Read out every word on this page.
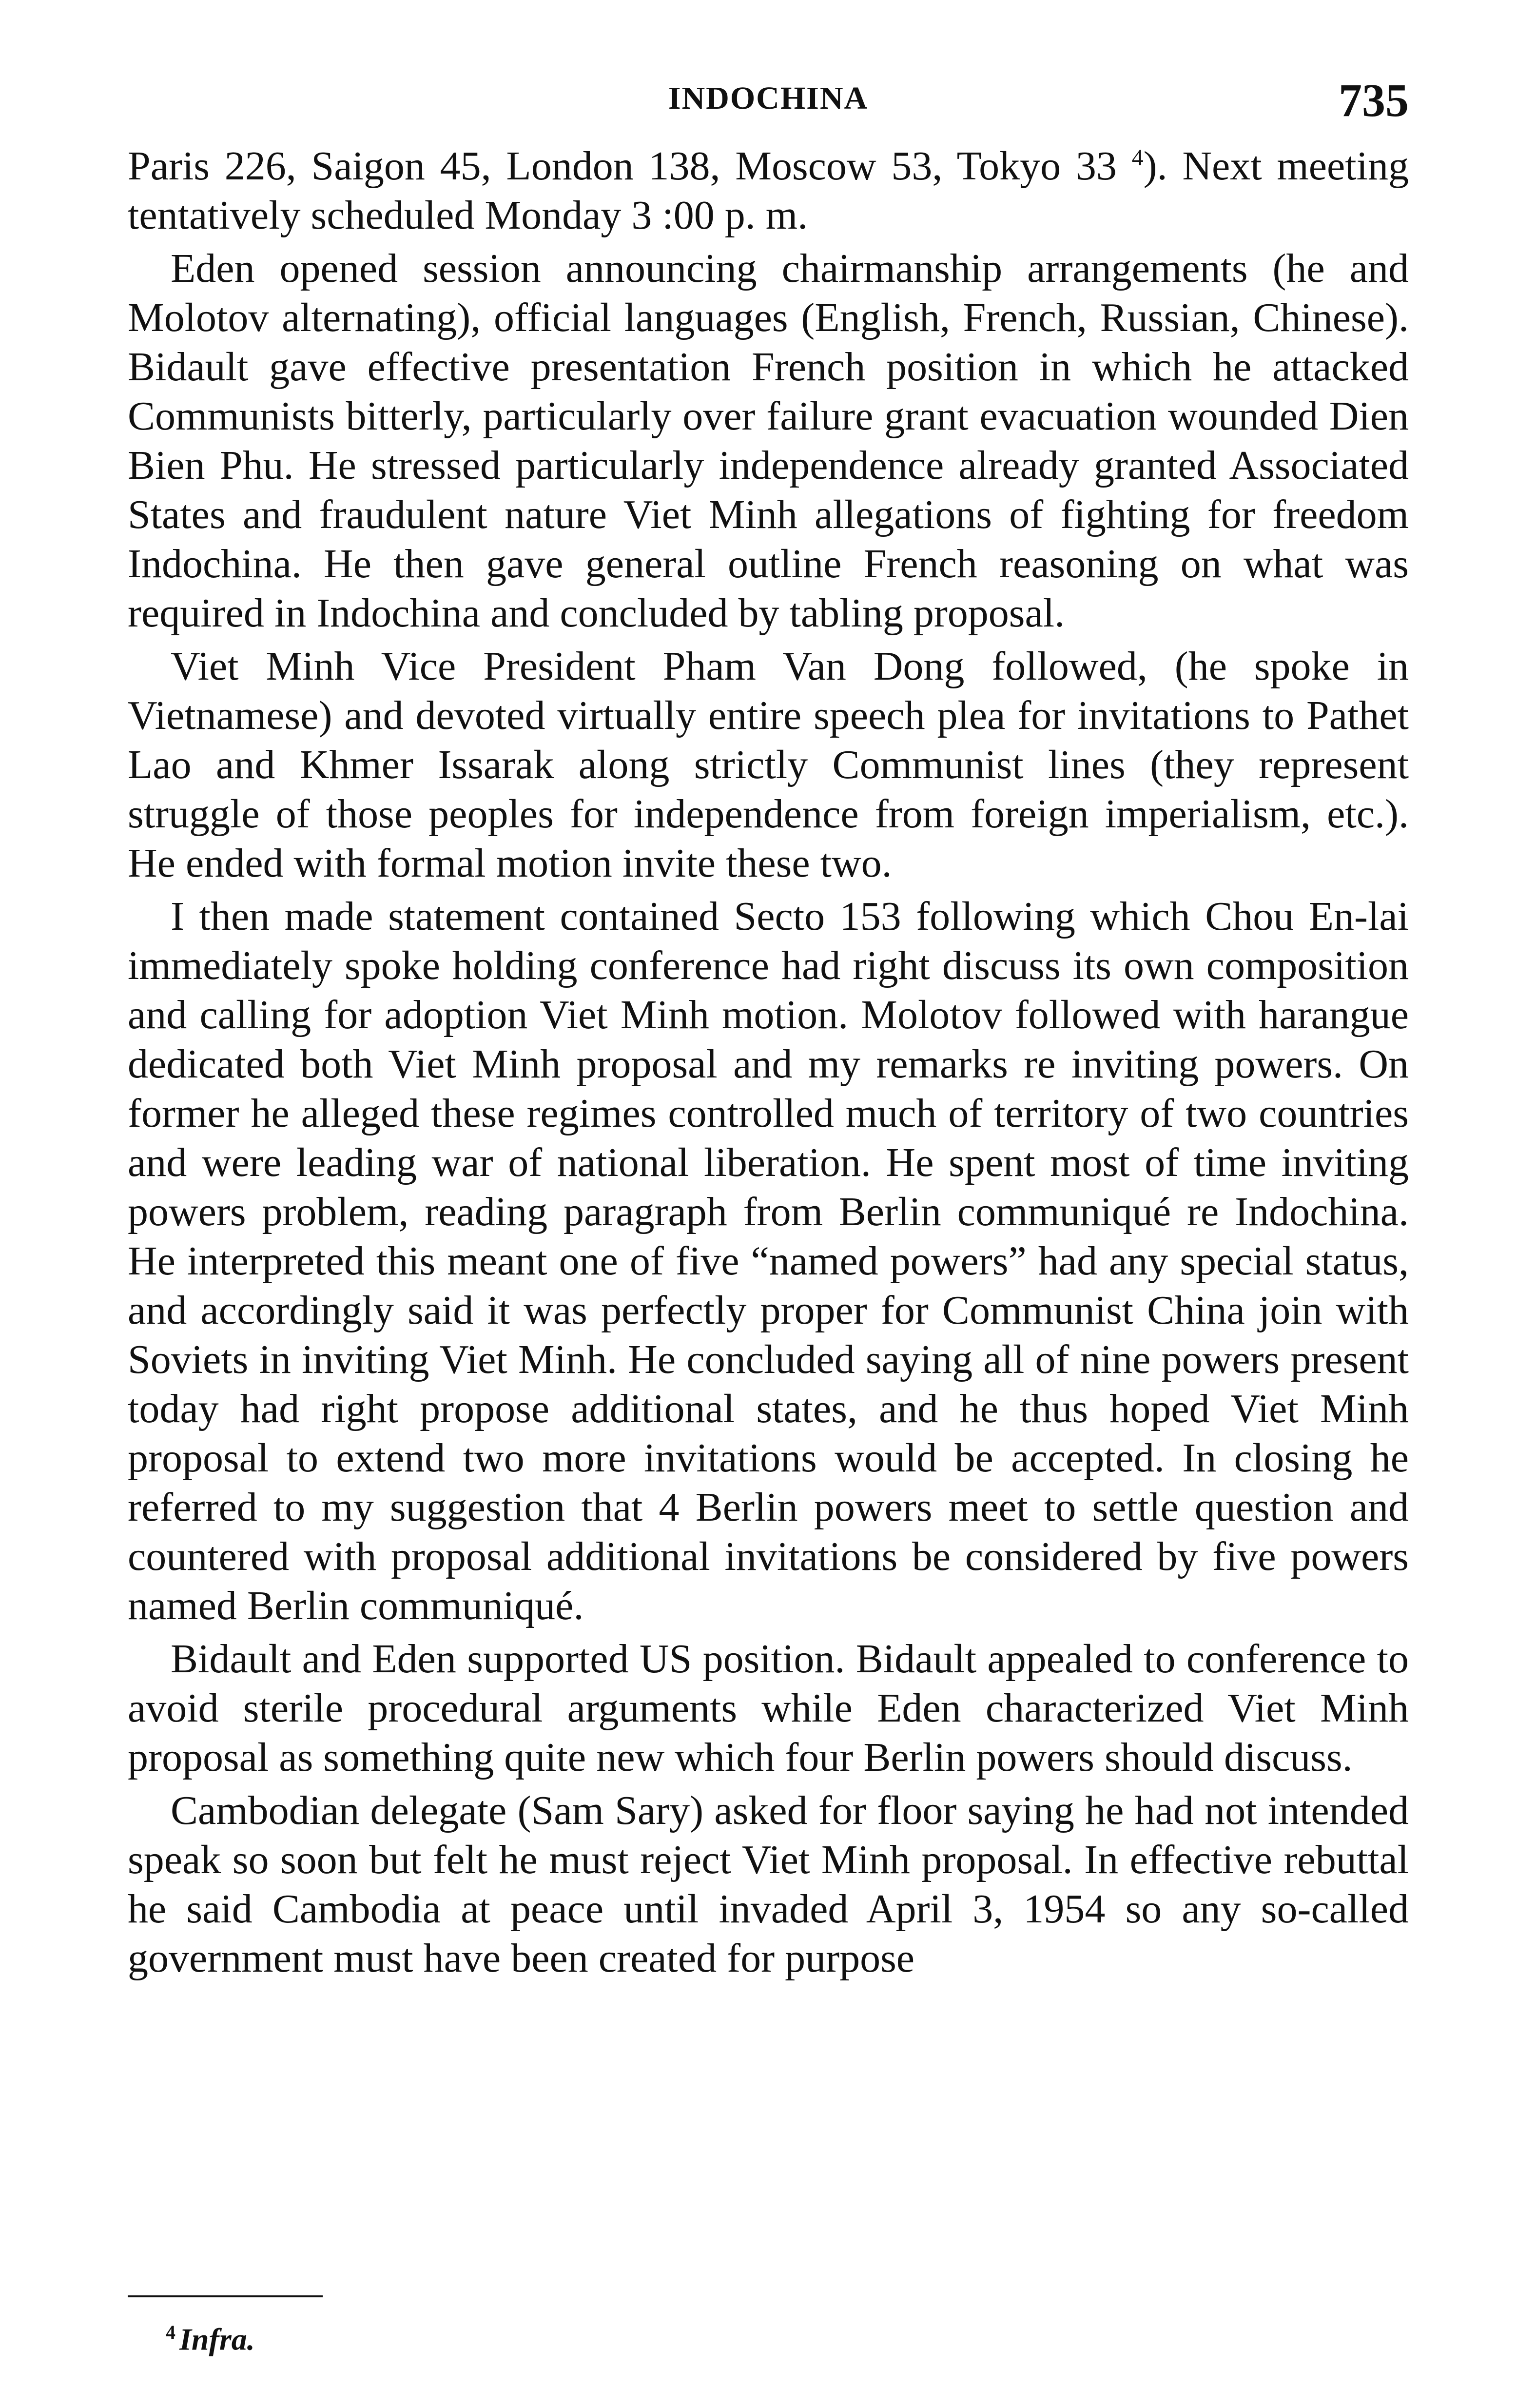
INDOCHINA	735

Paris 226, Saigon 45, London 138, Moscow 53, Tokyo 33 $^4$). Next meeting tentatively scheduled Monday 3 :00 p. m.

Eden opened session announcing chairmanship arrangements (he and Molotov alternating), official languages (English, French, Russian, Chinese). Bidault gave effective presentation French position in which he attacked Communists bitterly, particularly over failure grant evacuation wounded Dien Bien Phu. He stressed particularly independence already granted Associated States and fraudulent nature Viet Minh allegations of fighting for freedom Indochina. He then gave general outline French reasoning on what was required in Indochina and concluded by tabling proposal.

Viet Minh Vice President Pham Van Dong followed, (he spoke in Vietnamese) and devoted virtually entire speech plea for invitations to Pathet Lao and Khmer Issarak along strictly Communist lines (they represent struggle of those peoples for independence from foreign imperialism, etc.). He ended with formal motion invite these two.

I then made statement contained Secto 153 following which Chou En-lai immediately spoke holding conference had right discuss its own composition and calling for adoption Viet Minh motion. Molotov followed with harangue dedicated both Viet Minh proposal and my remarks re inviting powers. On former he alleged these regimes controlled much of territory of two countries and were leading war of national liberation. He spent most of time inviting powers problem, reading paragraph from Berlin communiqué re Indochina. He interpreted this meant one of five “named powers” had any special status, and accordingly said it was perfectly proper for Communist China join with Soviets in inviting Viet Minh. He concluded saying all of nine powers present today had right propose additional states, and he thus hoped Viet Minh proposal to extend two more invitations would be accepted. In closing he referred to my suggestion that 4 Berlin powers meet to settle question and countered with proposal additional invitations be considered by five powers named Berlin communiqué.

Bidault and Eden supported US position. Bidault appealed to conference to avoid sterile procedural arguments while Eden characterized Viet Minh proposal as something quite new which four Berlin powers should discuss.

Cambodian delegate (Sam Sary) asked for floor saying he had not intended speak so soon but felt he must reject Viet Minh proposal. In effective rebuttal he said Cambodia at peace until invaded April 3, 1954 so any so-called government must have been created for purpose

$^4$ Infra.
